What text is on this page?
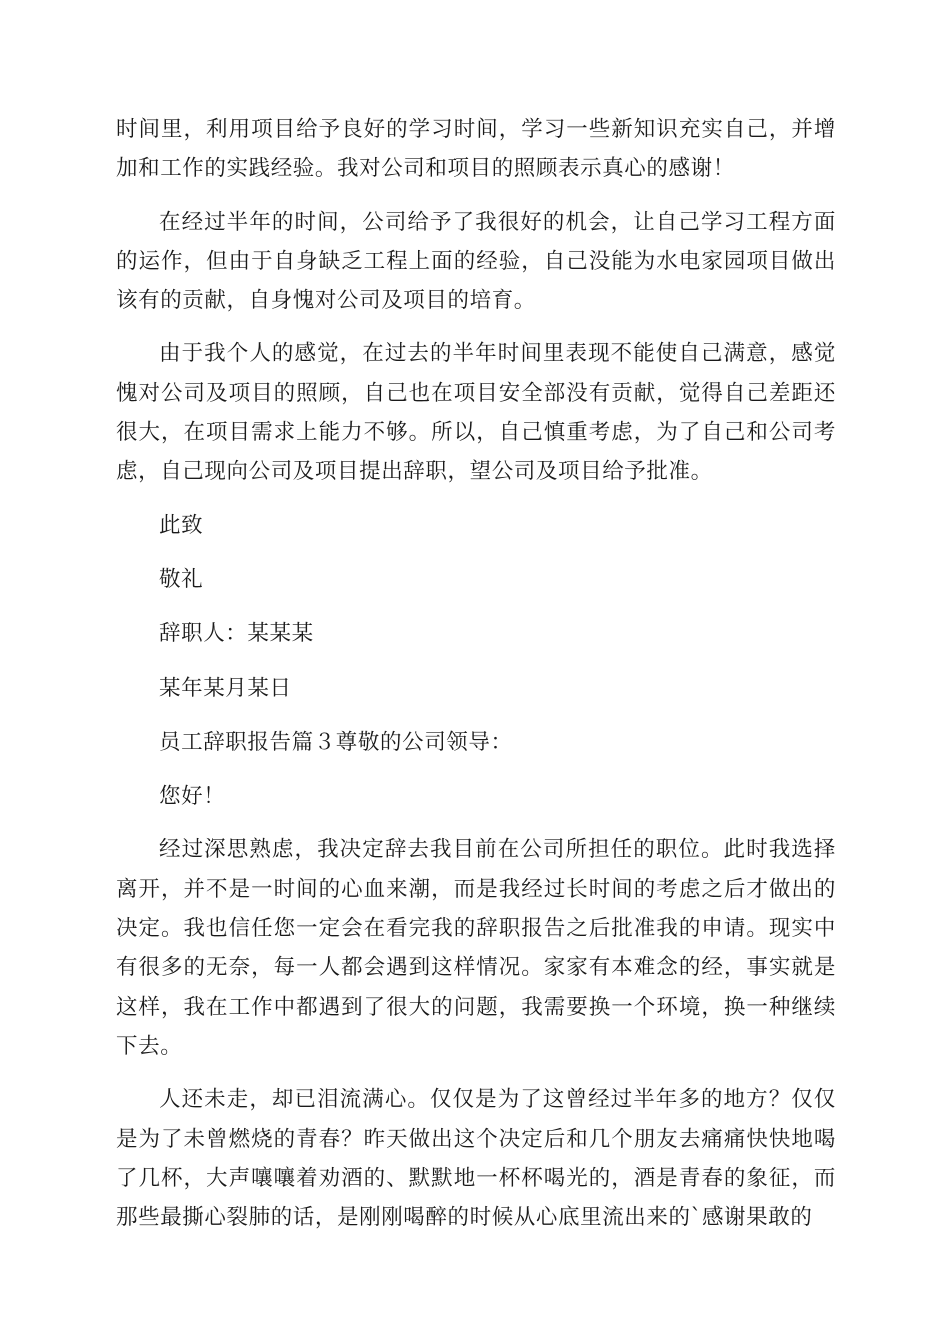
时间里，利用项目给予良好的学习时间，学习一些新知识充实自己，并增加和工作的实践经验。我对公司和项目的照顾表示真心的感谢！

在经过半年的时间，公司给予了我很好的机会，让自己学习工程方面的运作，但由于自身缺乏工程上面的经验，自己没能为水电家园项目做出该有的贡献，自身愧对公司及项目的培育。

由于我个人的感觉，在过去的半年时间里表现不能使自己满意，感觉愧对公司及项目的照顾，自己也在项目安全部没有贡献，觉得自己差距还很大，在项目需求上能力不够。所以，自己慎重考虑，为了自己和公司考虑，自己现向公司及项目提出辞职，望公司及项目给予批准。

此致

敬礼

辞职人：某某某

某年某月某日

员工辞职报告篇３尊敬的公司领导：

您好！

经过深思熟虑，我决定辞去我目前在公司所担任的职位。此时我选择离开，并不是一时间的心血来潮，而是我经过长时间的考虑之后才做出的决定。我也信任您一定会在看完我的辞职报告之后批准我的申请。现实中有很多的无奈，每一人都会遇到这样情况。家家有本难念的经，事实就是这样，我在工作中都遇到了很大的问题，我需要换一个环境，换一种继续下去。

人还未走，却已泪流满心。仅仅是为了这曾经过半年多的地方？仅仅是为了未曾燃烧的青春？昨天做出这个决定后和几个朋友去痛痛快快地喝了几杯，大声嚷嚷着劝酒的、默默地一杯杯喝光的，酒是青春的象征，而那些最撕心裂肺的话，是刚刚喝醉的时候从心底里流出来的`感谢果敢的
